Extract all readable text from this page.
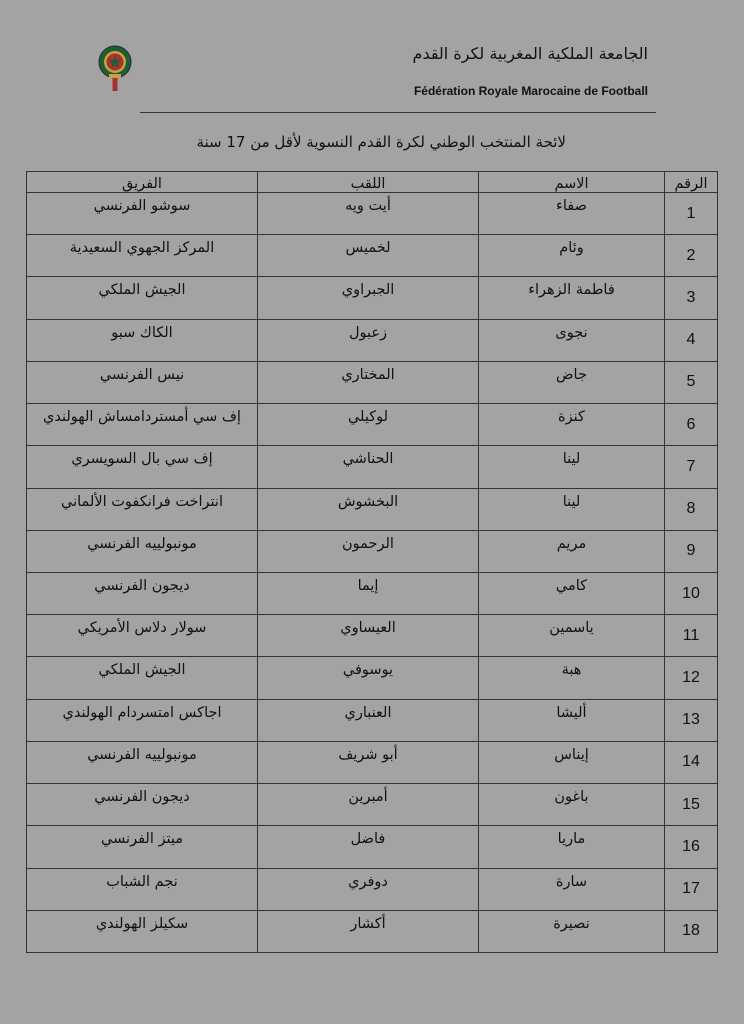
الجامعة الملكية المغربية لكرة القدم
Fédération Royale Marocaine de Football
لائحة المنتخب الوطني لكرة القدم النسوية لأقل من 17 سنة
الرقم	الاسم	اللقب	الفريق
1	صفاء	أيت ويه	سوشو الفرنسي
2	وئام	لخميس	المركز الجهوي السعيدية
3	فاطمة الزهراء	الجبراوي	الجيش الملكي
4	نجوى	زعبول	الكاك سبو
5	جاض	المختاري	نيس الفرنسي
6	كنزة	لوكيلي	إف سي أمستردامساش الهولندي
7	لينا	الحناشي	إف سي بال السويسري
8	لينا	البخشوش	انتراخت فرانكفوت الألماني
9	مريم	الرحمون	مونبولييه الفرنسي
10	كامي	إيما	ديجون الفرنسي
11	ياسمين	العيساوي	سولار دلاس الأمريكي
12	هبة	يوسوفي	الجيش الملكي
13	أليشا	العنباري	اجاكس امتسردام الهولندي
14	إيناس	أبو شريف	مونبولييه الفرنسي
15	باغون	أمبرين	ديجون الفرنسي
16	ماريا	فاضل	ميتز الفرنسي
17	سارة	دوفري	نجم الشباب
18	نصيرة	أكشار	سكيلز الهولندي
